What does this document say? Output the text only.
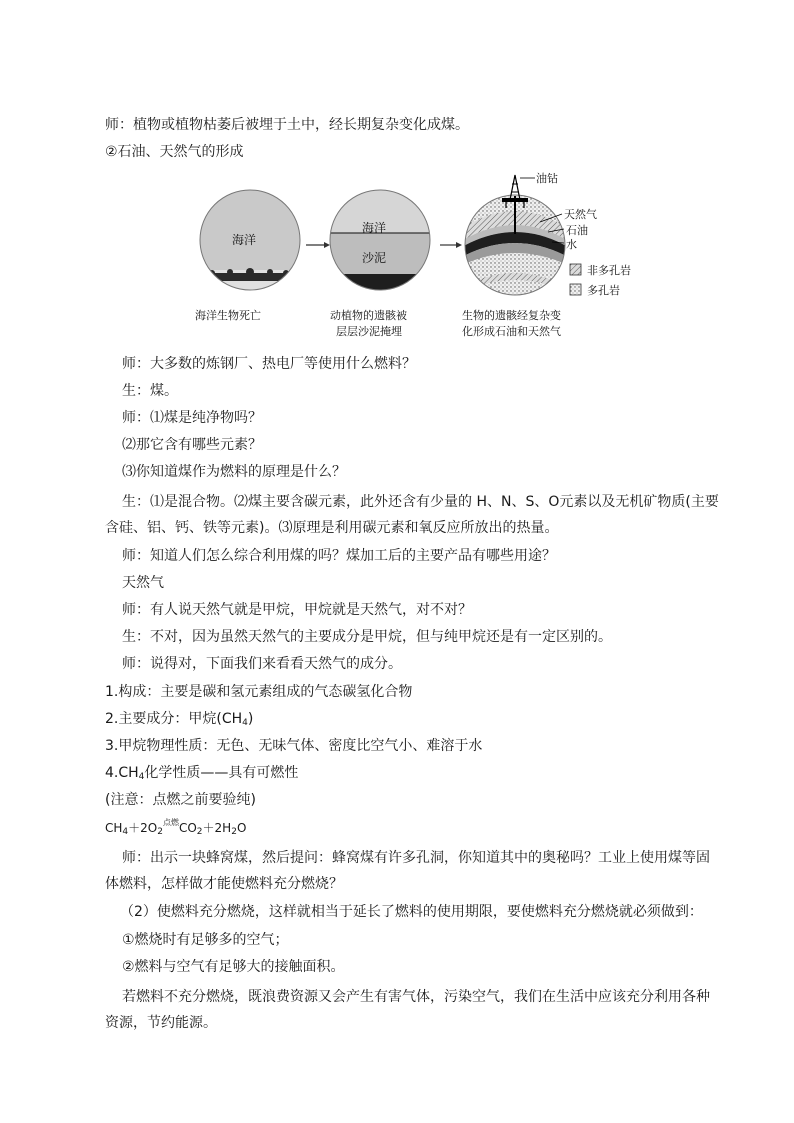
师：植物或植物枯萎后被埋于土中，经长期复杂变化成煤。
②石油、天然气的形成
海洋
海洋
沙泥
油钻
天然气
石油
水
非多孔岩
多孔岩
海洋生物死亡	动植物的遗骸被
层层沙泥掩埋
生物的遗骸经复杂变
化形成石油和天然气
师：大多数的炼钢厂、热电厂等使用什么燃料？
生：煤。
师：⑴煤是纯净物吗？
⑵那它含有哪些元素？
⑶你知道煤作为燃料的原理是什么？
生：⑴是混合物。⑵煤主要含碳元素，此外还含有少量的 H、N、S、O元素以及无机矿物质(主要含硅、铝、钙、铁等元素)。⑶原理是利用碳元素和氧反应所放出的热量。
师：知道人们怎么综合利用煤的吗？煤加工后的主要产品有哪些用途？
天然气
师：有人说天然气就是甲烷，甲烷就是天然气，对不对？
生：不对，因为虽然天然气的主要成分是甲烷，但与纯甲烷还是有一定区别的。
师：说得对，下面我们来看看天然气的成分。
1.构成：主要是碳和氢元素组成的气态碳氢化合物
2.主要成分：甲烷$(CH_4)$
3.甲烷物理性质：无色、无味气体、密度比空气小、难溶于水
$4.CH_4$化学性质——具有可燃性
(注意：点燃之前要验纯)
$CH_4+2O_2^{点燃}CO_2+2H_2O$
师：出示一块蜂窝煤，然后提问：蜂窝煤有许多孔洞，你知道其中的奥秘吗？工业上使用煤等固体燃料，怎样做才能使燃料充分燃烧？
（2）使燃料充分燃烧，这样就相当于延长了燃料的使用期限，要使燃料充分燃烧就必须做到：
①燃烧时有足够多的空气；
②燃料与空气有足够大的接触面积。
若燃料不充分燃烧，既浪费资源又会产生有害气体，污染空气，我们在生活中应该充分利用各种资源，节约能源。
